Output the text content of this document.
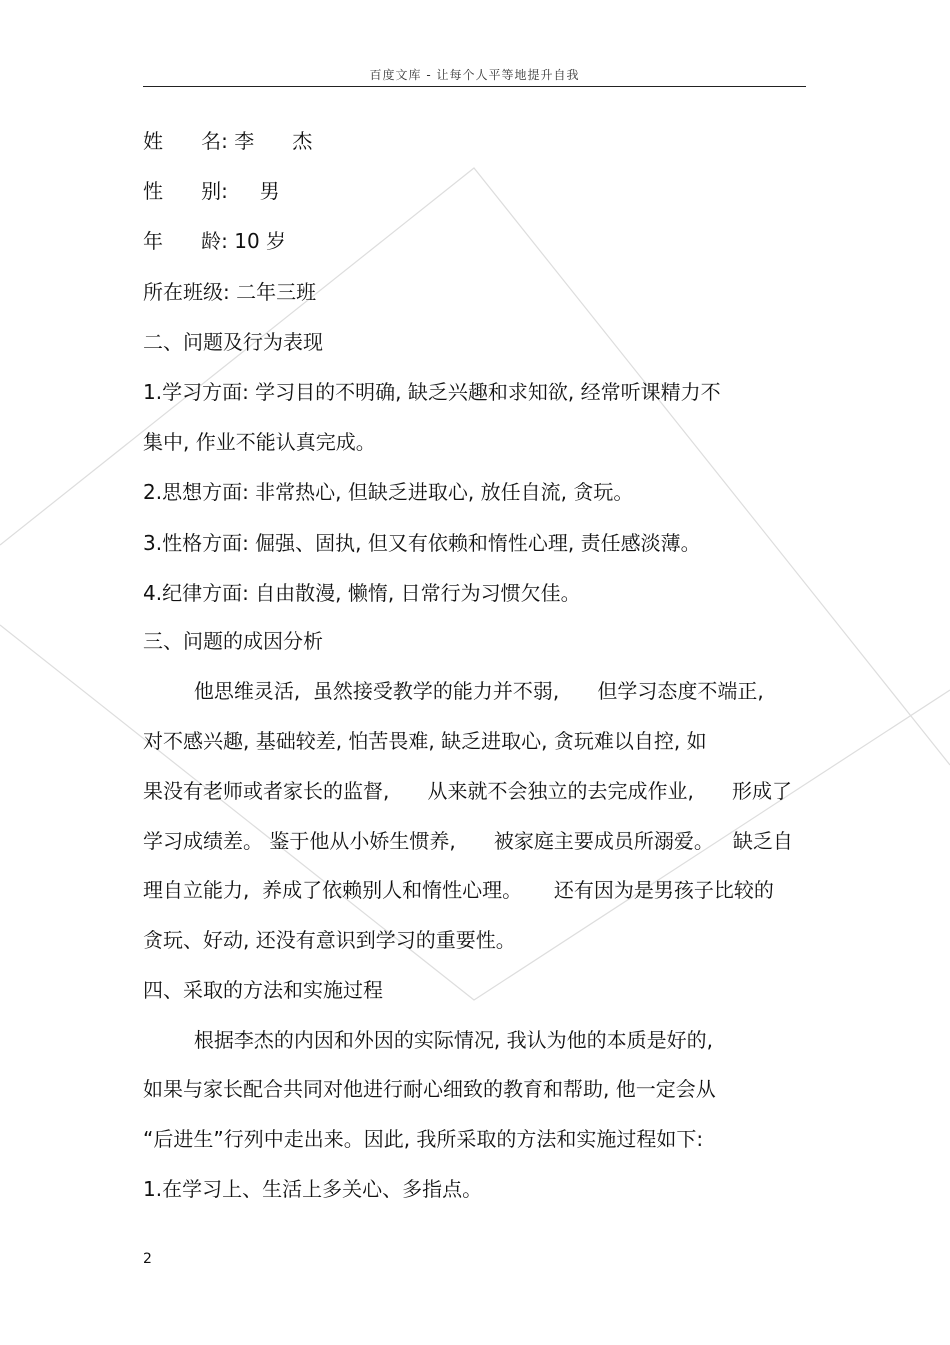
百度文库 - 让每个人平等地提升自我
姓      名: 李      杰
性      别:     男
年      龄: 10 岁
所在班级: 二年三班
二、问题及行为表现
1.学习方面: 学习目的不明确, 缺乏兴趣和求知欲, 经常听课精力不
集中, 作业不能认真完成。
2.思想方面: 非常热心, 但缺乏进取心, 放任自流, 贪玩。
3.性格方面: 倔强、固执, 但又有依赖和惰性心理, 责任感淡薄。
4.纪律方面: 自由散漫, 懒惰, 日常行为习惯欠佳。
三、问题的成因分析
他思维灵活,  虽然接受教学的能力并不弱,      但学习态度不端正,
对不感兴趣, 基础较差, 怕苦畏难, 缺乏进取心, 贪玩难以自控, 如
果没有老师或者家长的监督,      从来就不会独立的去完成作业,      形成了
学习成绩差。 鉴于他从小娇生惯养,      被家庭主要成员所溺爱。   缺乏自
理自立能力,  养成了依赖别人和惰性心理。     还有因为是男孩子比较的
贪玩、好动, 还没有意识到学习的重要性。
四、采取的方法和实施过程
根据李杰的内因和外因的实际情况, 我认为他的本质是好的,
如果与家长配合共同对他进行耐心细致的教育和帮助, 他一定会从
“后进生”行列中走出来。因此, 我所采取的方法和实施过程如下:
1.在学习上、生活上多关心、多指点。
2
